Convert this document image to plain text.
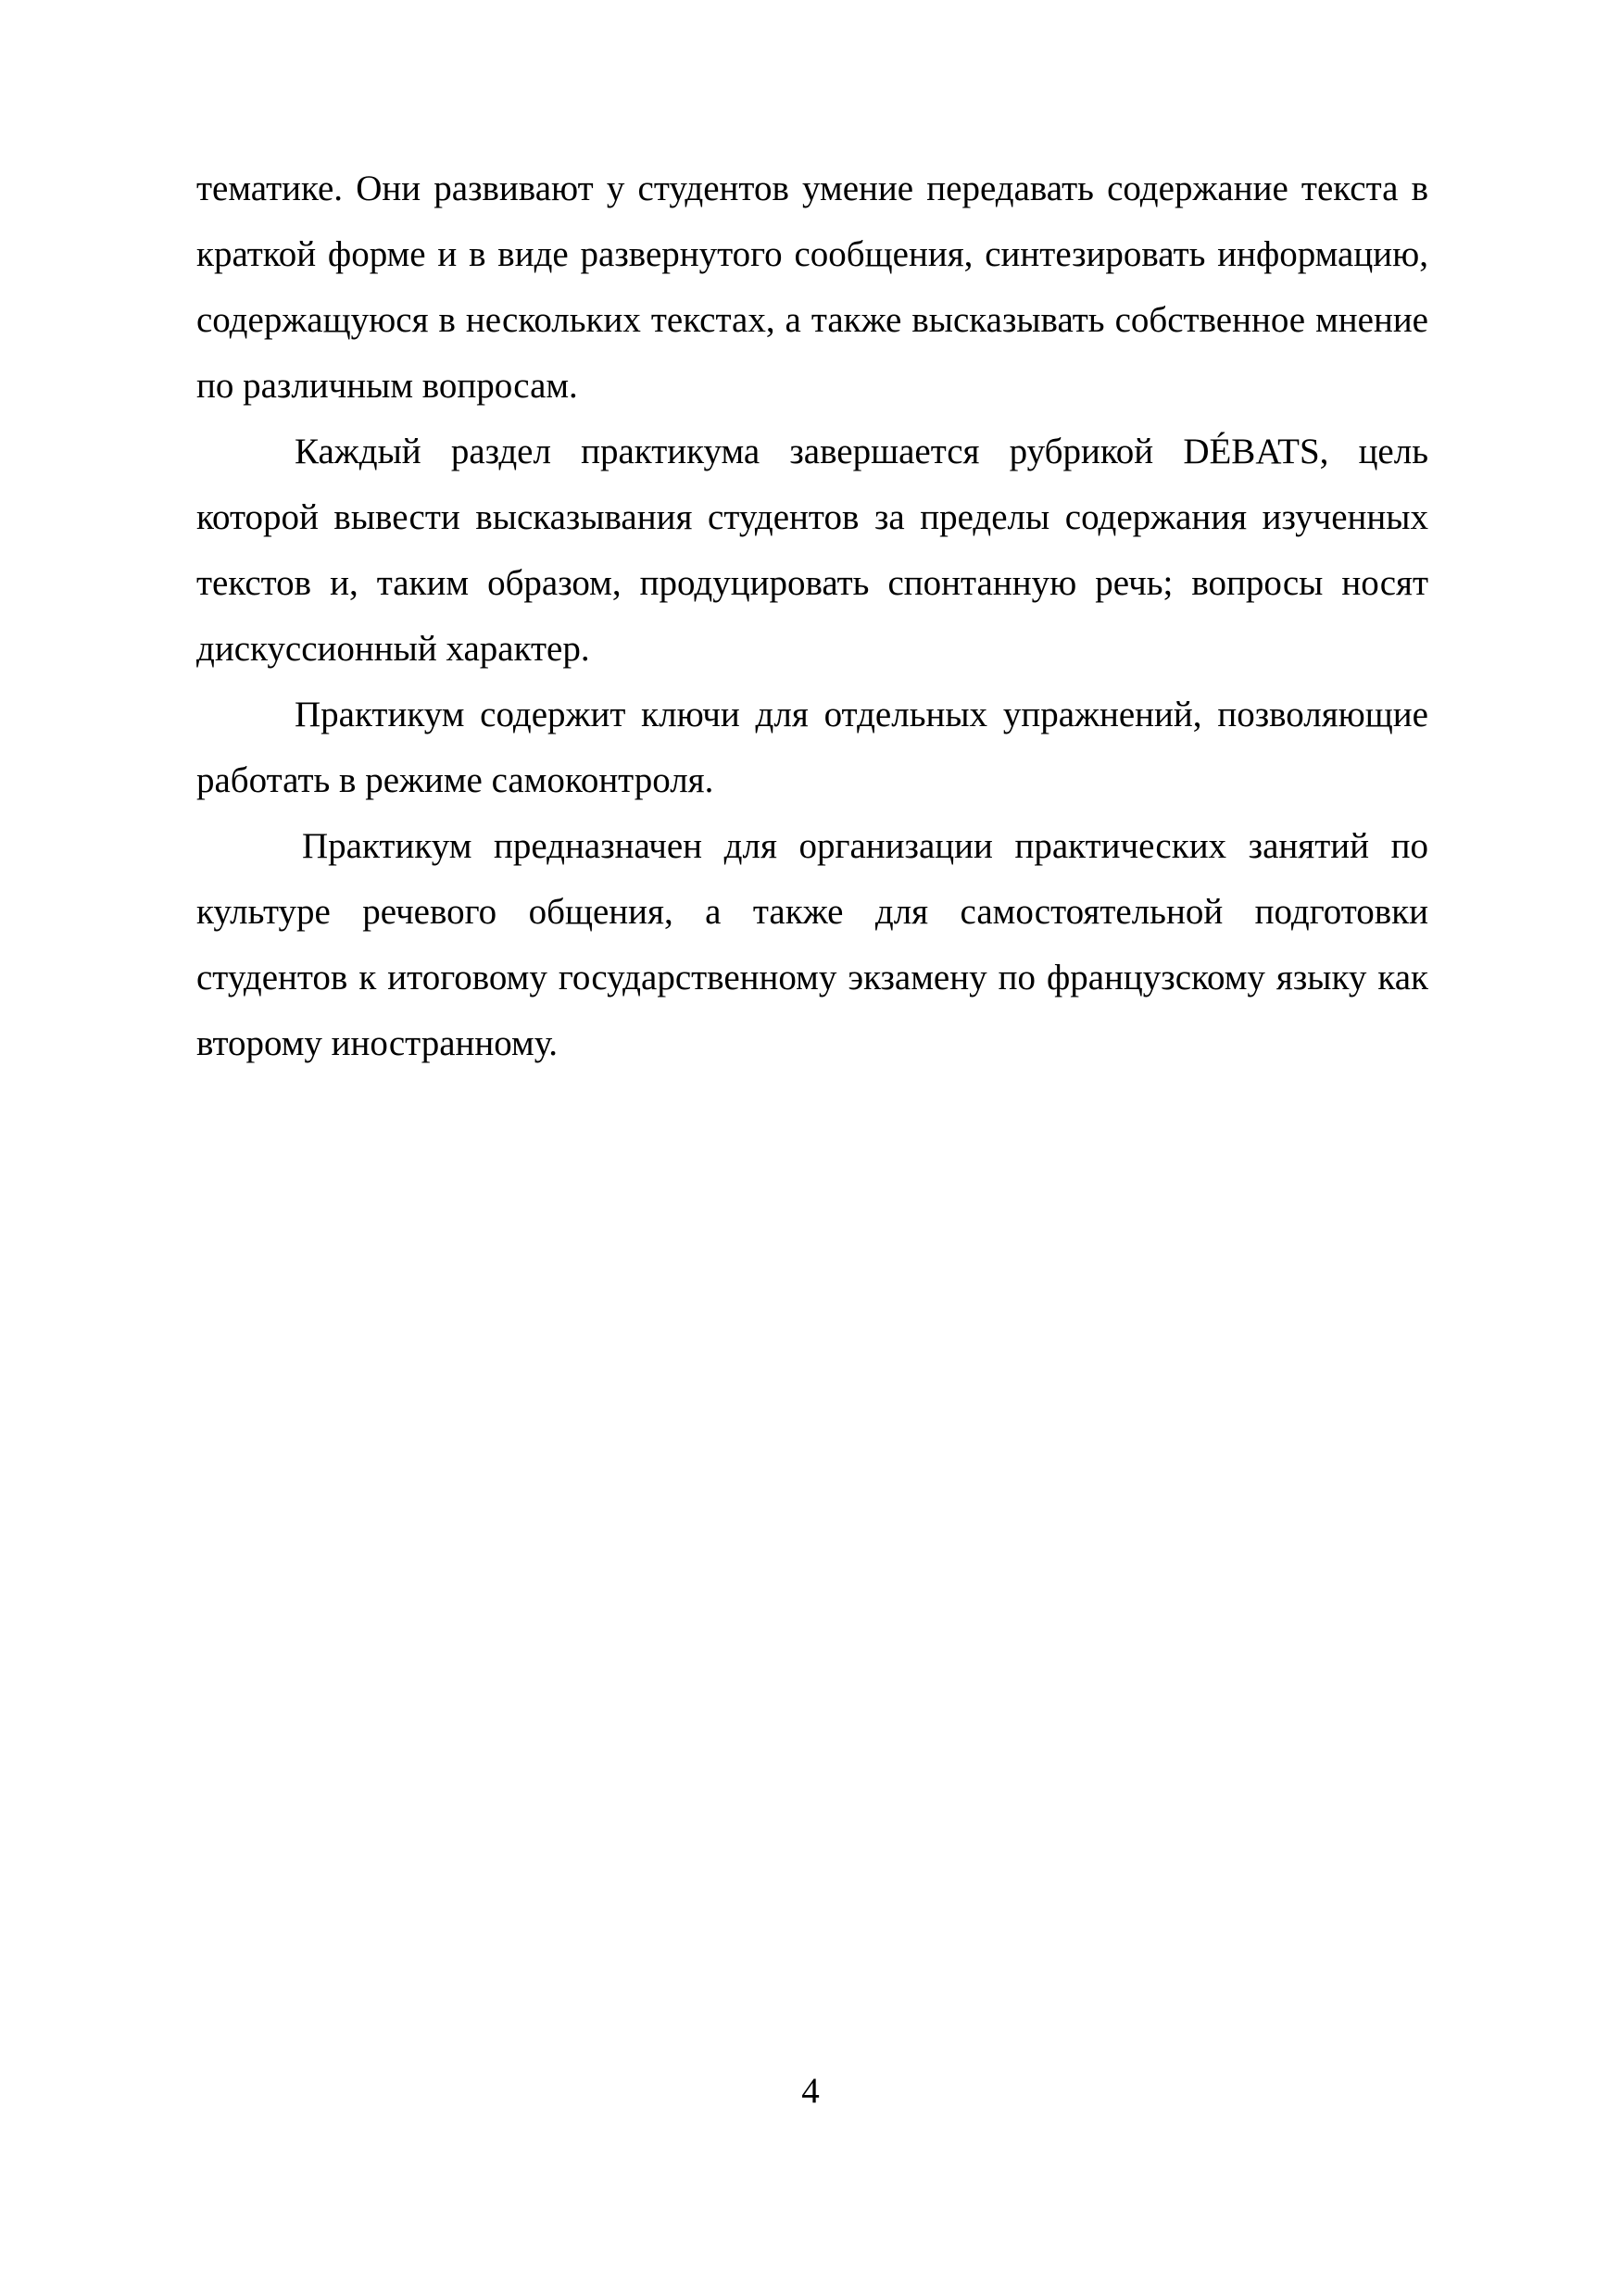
тематике. Они развивают у студентов умение передавать содержание текста в краткой форме и в виде развернутого сообщения, синтезировать информацию, содержащуюся в нескольких текстах, а также высказывать собственное мнение по различным вопросам.

Каждый раздел практикума завершается рубрикой DÉBATS, цель которой вывести высказывания студентов за пределы содержания изученных текстов и, таким образом, продуцировать спонтанную речь; вопросы носят дискуссионный характер.

Практикум содержит ключи для отдельных упражнений, позволяющие работать в режиме самоконтроля.

Практикум предназначен для организации практических занятий по культуре речевого общения, а также для самостоятельной подготовки студентов к итоговому государственному экзамену по французскому языку как второму иностранному.

4
